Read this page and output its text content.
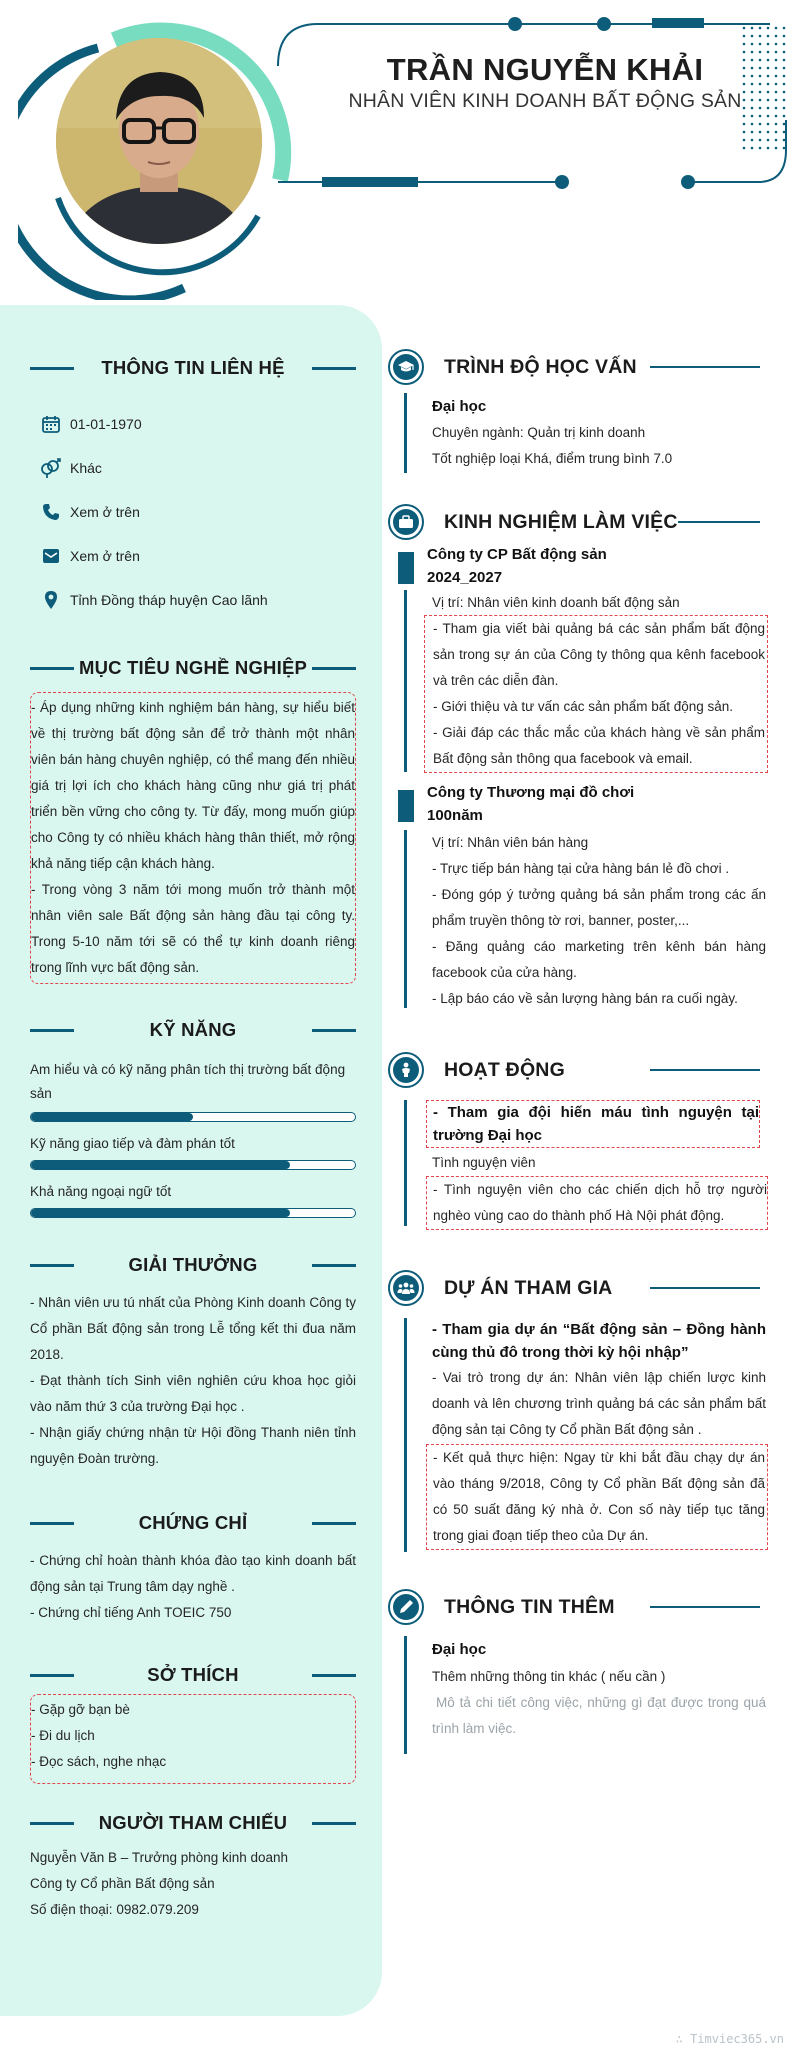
TRẦN NGUYỄN KHẢI
NHÂN VIÊN KINH DOANH BẤT ĐỘNG SẢN
THÔNG TIN LIÊN HỆ
01-01-1970
Khác
Xem ở trên
Xem ở trên
Tỉnh Đồng tháp huyện Cao lãnh
MỤC TIÊU NGHỀ NGHIỆP

- Áp dụng những kinh nghiệm bán hàng, sự hiểu biết về thị trường bất động sản để trở thành một nhân viên bán hàng chuyên nghiệp, có thể mang đến nhiều giá trị lợi ích cho khách hàng cũng như giá trị phát triển bền vững cho công ty. Từ đấy, mong muốn giúp cho Công ty có nhiều khách hàng thân thiết, mở rộng khả năng tiếp cận khách hàng.

- Trong vòng 3 năm tới mong muốn trở thành một nhân viên sale Bất động sản hàng đầu tại công ty. Trong 5-10 năm tới sẽ có thể tự kinh doanh riêng trong lĩnh vực bất động sản.

KỸ NĂNG
Am hiểu và có kỹ năng phân tích thị trường bất động sản
Kỹ năng giao tiếp và đàm phán tốt
Khả năng ngoại ngữ tốt
GIẢI THƯỞNG

- Nhân viên ưu tú nhất của Phòng Kinh doanh Công ty Cổ phần Bất động sản trong Lễ tổng kết thi đua năm 2018.

- Đạt thành tích Sinh viên nghiên cứu khoa học giỏi vào năm thứ 3 của trường Đại học .

- Nhận giấy chứng nhận từ Hội đồng Thanh niên tỉnh nguyện Đoàn trường.

CHỨNG CHỈ

- Chứng chỉ hoàn thành khóa đào tạo kinh doanh bất động sản tại Trung tâm dạy nghề .

- Chứng chỉ tiếng Anh TOEIC 750

SỞ THÍCH

- Gặp gỡ bạn bè

- Đi du lịch

- Đọc sách, nghe nhạc

NGƯỜI THAM CHIẾU

Nguyễn Văn B – Trưởng phòng kinh doanh

Công ty Cổ phần Bất động sản

Số điện thoại: 0982.079.209

TRÌNH ĐỘ HỌC VẤN
Đại học
Chuyên ngành: Quản trị kinh doanh
Tốt nghiệp loại Khá, điểm trung bình 7.0
KINH NGHIỆM LÀM VIỆC
Công ty CP Bất động sản
2024_2027
Vị trí: Nhân viên kinh doanh bất động sản

- Tham gia viết bài quảng bá các sản phẩm bất động sản trong sự án của Công ty thông qua kênh facebook và trên các diễn đàn.

- Giới thiệu và tư vấn các sản phẩm bất động sản.

- Giải đáp các thắc mắc của khách hàng về sản phẩm Bất động sản thông qua facebook và email.

Công ty Thương mại đồ chơi
100năm
Vị trí: Nhân viên bán hàng

- Trực tiếp bán hàng tại cửa hàng bán lẻ đồ chơi .

- Đóng góp ý tưởng quảng bá sản phẩm trong các ấn phẩm truyền thông tờ rơi, banner, poster,...

- Đăng quảng cáo marketing trên kênh bán hàng facebook của cửa hàng.

- Lập báo cáo về sản lượng hàng bán ra cuối ngày.

HOẠT ĐỘNG
- Tham gia đội hiến máu tình nguyện tại trường Đại học
Tình nguyện viên
- Tình nguyện viên cho các chiến dịch hỗ trợ người nghèo vùng cao do thành phố Hà Nội phát động.
DỰ ÁN THAM GIA
- Tham gia dự án “Bất động sản – Đồng hành cùng thủ đô trong thời kỳ hội nhập”
- Vai trò trong dự án: Nhân viên lập chiến lược kinh doanh và lên chương trình quảng bá các sản phẩm bất động sản tại Công ty Cổ phần Bất động sản .
- Kết quả thực hiện: Ngay từ khi bắt đầu chạy dự án vào tháng 9/2018, Công ty Cổ phần Bất động sản đã có 50 suất đăng ký nhà ở. Con số này tiếp tục tăng trong giai đoạn tiếp theo của Dự án.
THÔNG TIN THÊM
Đại học
Thêm những thông tin khác ( nếu cần )
Mô tả chi tiết công việc, những gì đạt được trong quá trình làm việc.
∴ Timviec365.vn
